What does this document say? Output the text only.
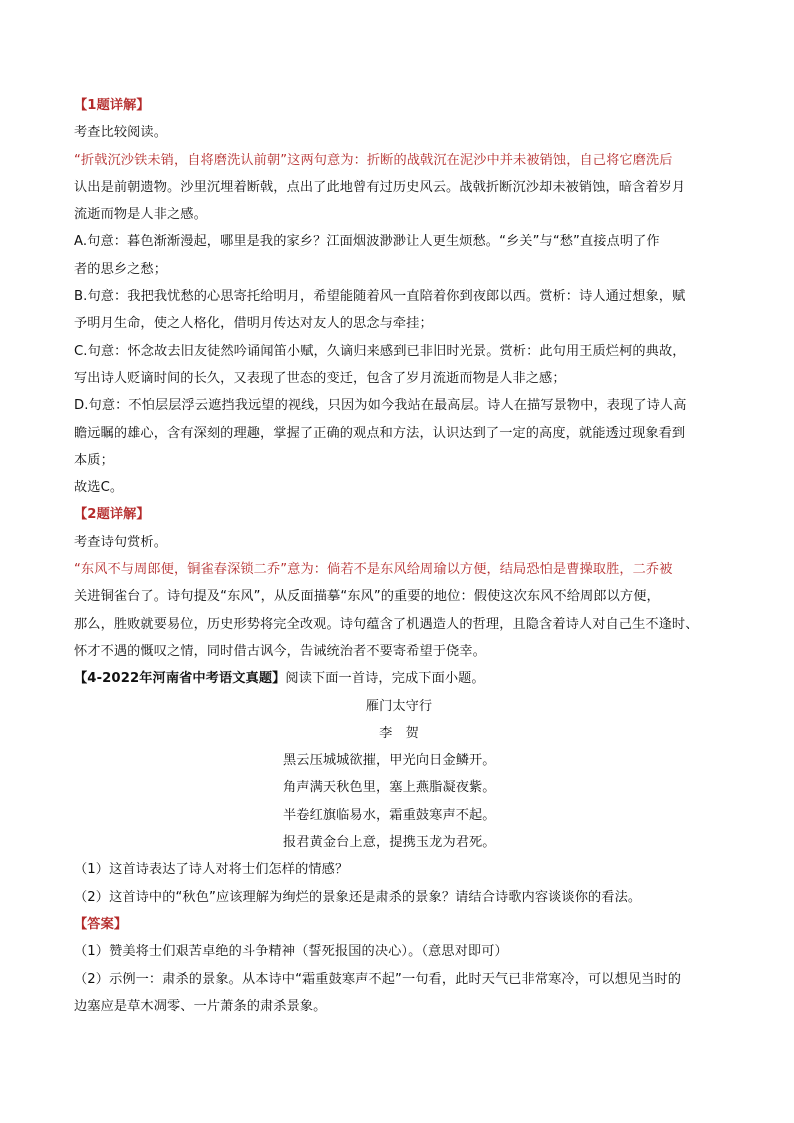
【1题详解】
考查比较阅读。
“折戟沉沙铁未销，自将磨洗认前朝”这两句意为：折断的战戟沉在泥沙中并未被销蚀，自己将它磨洗后
认出是前朝遗物。沙里沉埋着断戟，点出了此地曾有过历史风云。战戟折断沉沙却未被销蚀，暗含着岁月
流逝而物是人非之感。
A.句意：暮色渐渐漫起，哪里是我的家乡？江面烟波渺渺让人更生烦愁。“乡关”与“愁”直接点明了作
者的思乡之愁；
B.句意：我把我忧愁的心思寄托给明月，希望能随着风一直陪着你到夜郎以西。赏析：诗人通过想象，赋
予明月生命，使之人格化，借明月传达对友人的思念与牵挂；
C.句意：怀念故去旧友徒然吟诵闻笛小赋，久谪归来感到已非旧时光景。赏析：此句用王质烂柯的典故，
写出诗人贬谪时间的长久，又表现了世态的变迁，包含了岁月流逝而物是人非之感；
D.句意：不怕层层浮云遮挡我远望的视线，只因为如今我站在最高层。诗人在描写景物中，表现了诗人高
瞻远瞩的雄心，含有深刻的理趣，掌握了正确的观点和方法，认识达到了一定的高度，就能透过现象看到
本质；
故选C。
【2题详解】
考查诗句赏析。
“东风不与周郎便，铜雀春深锁二乔”意为：倘若不是东风给周瑜以方便，结局恐怕是曹操取胜，二乔被
关进铜雀台了。诗句提及“东风”，从反面描摹“东风”的重要的地位：假使这次东风不给周郎以方便，
那么，胜败就要易位，历史形势将完全改观。诗句蕴含了机遇造人的哲理，且隐含着诗人对自己生不逢时、
怀才不遇的慨叹之情，同时借古讽今，告诫统治者不要寄希望于侥幸。
【4-2022年河南省中考语文真题】阅读下面一首诗，完成下面小题。
雁门太守行
李　贺
黑云压城城欲摧，甲光向日金鳞开。
角声满天秋色里，塞上燕脂凝夜紫。
半卷红旗临易水，霜重鼓寒声不起。
报君黄金台上意，提携玉龙为君死。
（1）这首诗表达了诗人对将士们怎样的情感？
（2）这首诗中的“秋色”应该理解为绚烂的景象还是肃杀的景象？请结合诗歌内容谈谈你的看法。
【答案】
（1）赞美将士们艰苦卓绝的斗争精神（誓死报国的决心）。（意思对即可）
（2）示例一：肃杀的景象。从本诗中“霜重鼓寒声不起”一句看，此时天气已非常寒冷，可以想见当时的
边塞应是草木凋零、一片萧条的肃杀景象。
